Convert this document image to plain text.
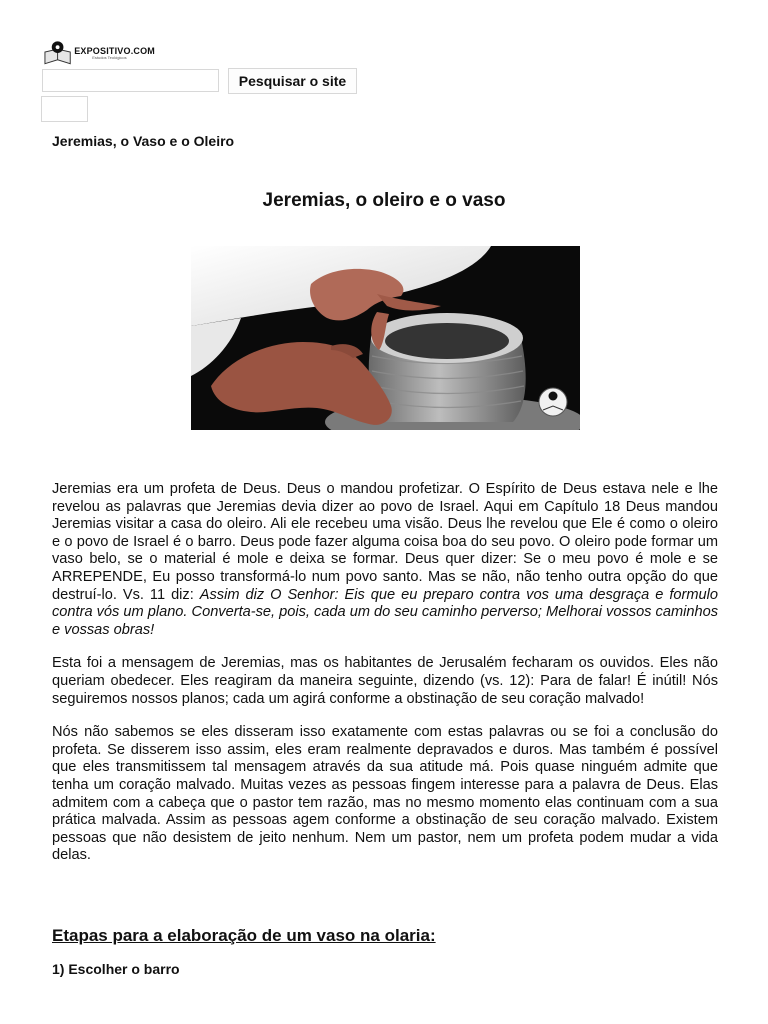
EXPOSITIVO.COM
Estudos Teológicos
Pesquisar o site
Jeremias, o Vaso e o Oleiro
Jeremias, o oleiro e o vaso

Jeremias era um profeta de Deus. Deus o mandou profetizar. O Espírito de Deus estava nele e lhe revelou as palavras que Jeremias devia dizer ao povo de Israel. Aqui em Capítulo 18 Deus mandou Jeremias visitar a casa do oleiro. Ali ele recebeu uma visão. Deus lhe revelou que Ele é como o oleiro e o povo de Israel é o barro. Deus pode fazer alguma coisa boa do seu povo. O oleiro pode formar um vaso belo, se o material é mole e deixa se formar. Deus quer dizer: Se o meu povo é mole e se ARREPENDE, Eu posso transformá-lo num povo santo. Mas se não, não tenho outra opção do que destruí-lo. Vs. 11 diz: Assim diz O Senhor: Eis que eu preparo contra vos uma desgraça e formulo contra vós um plano. Converta-se, pois, cada um do seu caminho perverso; Melhorai vossos caminhos e vossas obras!

Esta foi a mensagem de Jeremias, mas os habitantes de Jerusalém fecharam os ouvidos. Eles não queriam obedecer. Eles reagiram da maneira seguinte, dizendo (vs. 12): Para de falar! É inútil! Nós seguiremos nossos planos; cada um agirá conforme a obstinação de seu coração malvado!

Nós não sabemos se eles disseram isso exatamente com estas palavras ou se foi a conclusão do profeta. Se disserem isso assim, eles eram realmente depravados e duros. Mas também é possível que eles transmitissem tal mensagem através da sua atitude má. Pois quase ninguém admite que tenha um coração malvado. Muitas vezes as pessoas fingem interesse para a palavra de Deus. Elas admitem com a cabeça que o pastor tem razão, mas no mesmo momento elas continuam com a sua prática malvada. Assim as pessoas agem conforme a obstinação de seu coração malvado. Existem pessoas que não desistem de jeito nenhum. Nem um pastor, nem um profeta podem mudar a vida delas.

Etapas para a elaboração de um vaso na olaria:
1) Escolher o barro
